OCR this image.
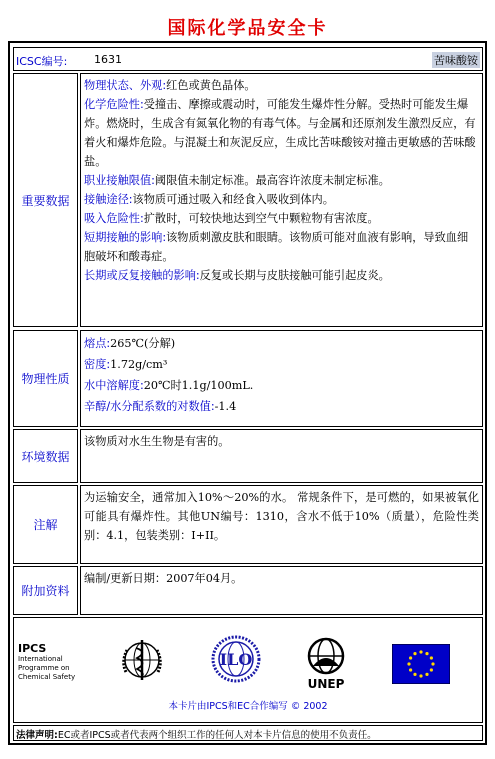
国际化学品安全卡
ICSC编号: 1631	苦味酸铵
重要数据

物理状态、外观:红色或黄色晶体。

化学危险性:受撞击、摩擦或震动时，可能发生爆炸性分解。受热时可能发生爆炸。燃烧时，生成含有氮氧化物的有毒气体。与金属和还原剂发生激烈反应，有着火和爆炸危险。与混凝土和灰泥反应，生成比苦味酸铵对撞击更敏感的苦味酸盐。

职业接触限值:阈限值未制定标准。最高容许浓度未制定标准。

接触途径:该物质可通过吸入和经食入吸收到体内。

吸入危险性:扩散时，可较快地达到空气中颗粒物有害浓度。

短期接触的影响:该物质刺激皮肤和眼睛。该物质可能对血液有影响，导致血细胞破坏和酸毒症。

长期或反复接触的影响:反复或长期与皮肤接触可能引起皮炎。

物理性质

熔点:265℃(分解)

密度:1.72g/cm³

水中溶解度:20℃时1.1g/100mL.

辛醇/水分配系数的对数值:-1.4

环境数据

该物质对水生生物是有害的。

注解

为运输安全，通常加入10%～20%的水。 常规条件下，是可燃的，如果被氧化可能具有爆炸性。其他UN编号：1310，含水不低于10%（质量），危险性类别：4.1，包装类别：I+II。

附加资料

编制/更新日期：2007年04月。

IPCS
International
Programme on
Chemical Safety
ILO
UNEP
本卡片由IPCS和EC合作编写 © 2002
法律声明:EC或者IPCS或者代表两个组织工作的任何人对本卡片信息的使用不负责任。
